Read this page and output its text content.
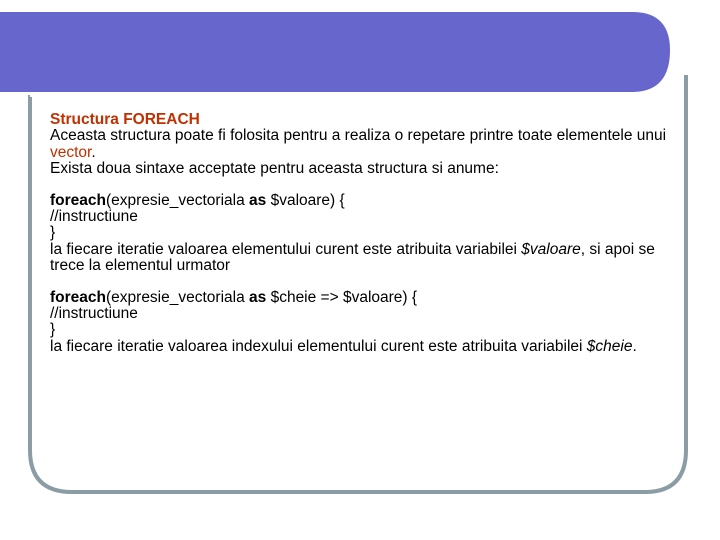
Structura FOREACH

Aceasta structura poate fi folosita pentru a realiza o repetare printre toate elementele unui vector.

Exista doua sintaxe acceptate pentru aceasta structura si anume:

foreach(expresie_vectoriala as $valoare) {

//instructiune

}

la fiecare iteratie valoarea elementului curent este atribuita variabilei $valoare, si apoi se trece la elementul urmator

foreach(expresie_vectoriala as $cheie => $valoare) {

//instructiune

}

la fiecare iteratie valoarea indexului elementului curent este atribuita variabilei $cheie.
